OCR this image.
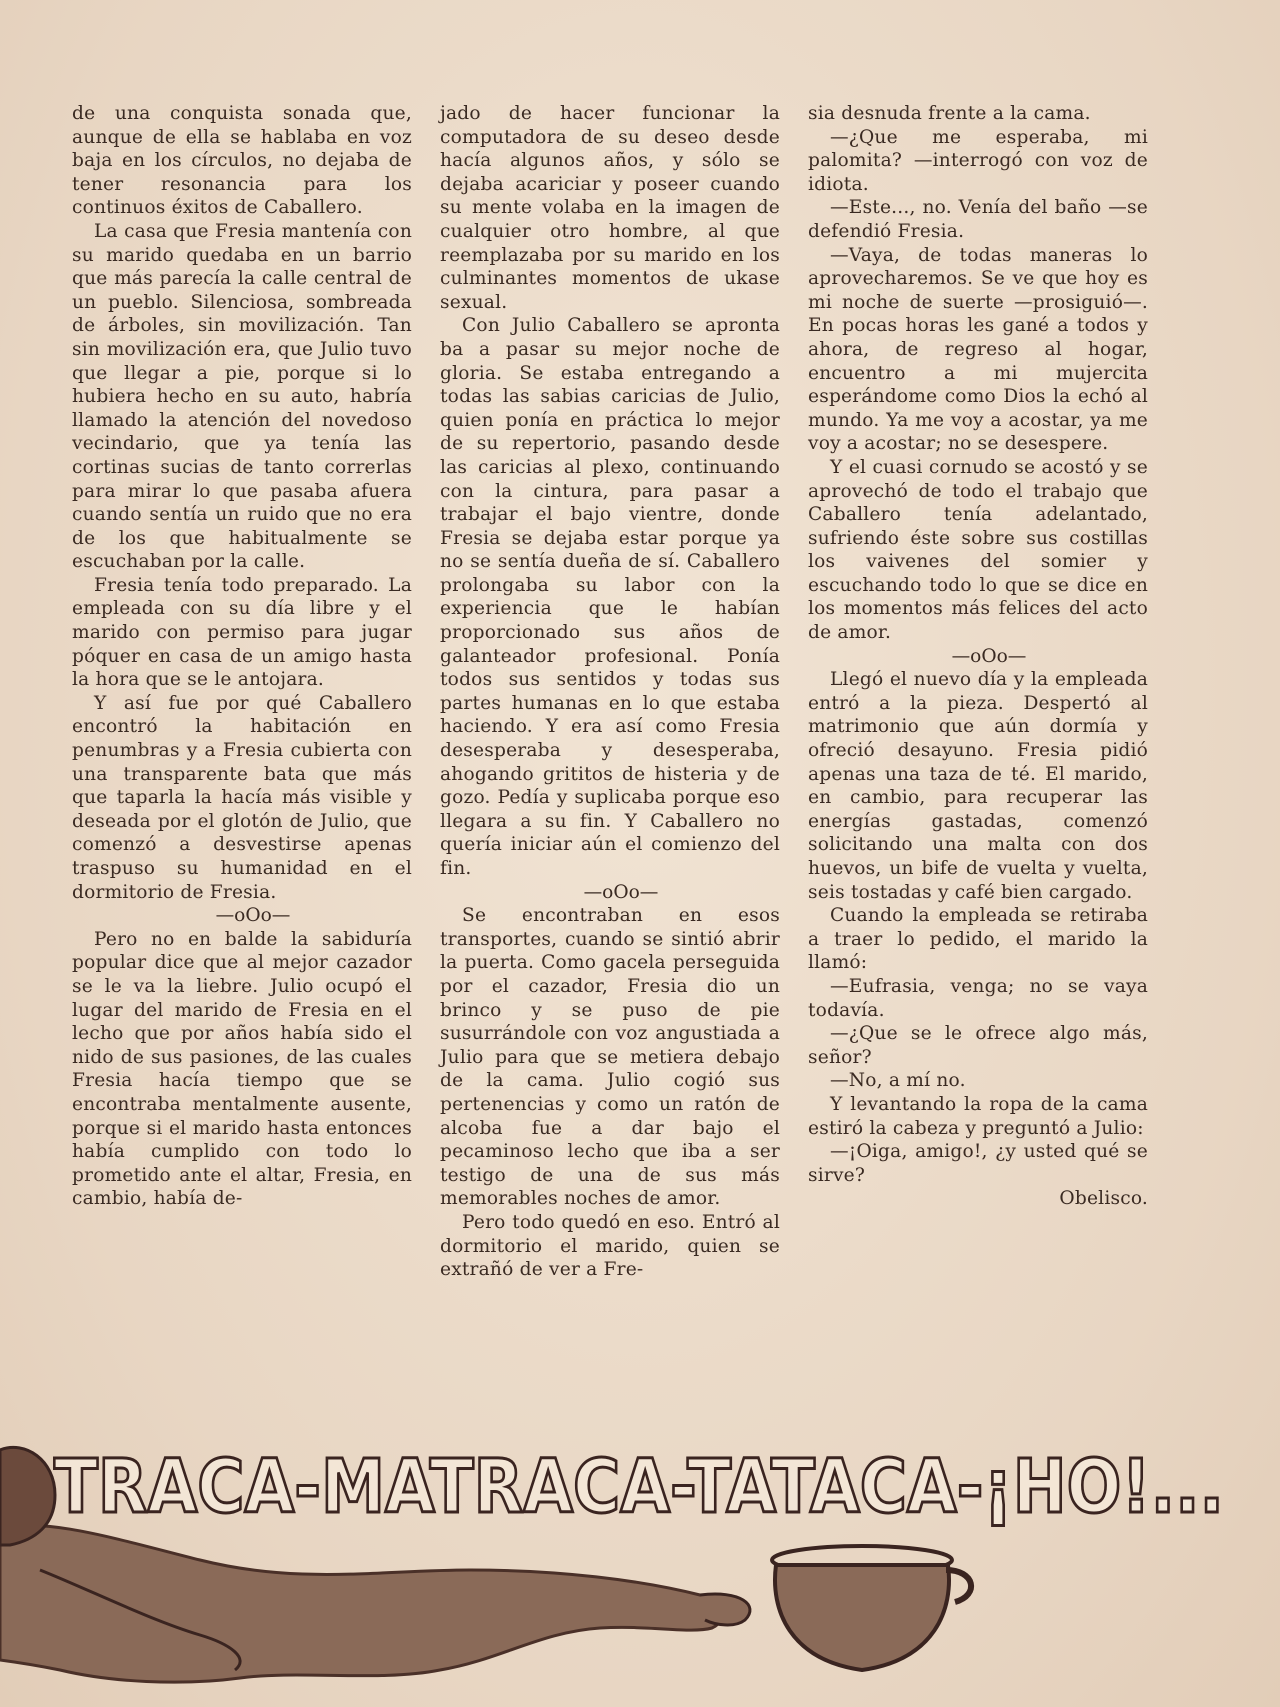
de una conquista sonada que, aunque de ella se hablaba en voz baja en los círculos, no dejaba de tener resonancia para los continuos éxitos de Caballero.

La casa que Fresia mantenía con su marido quedaba en un barrio que más parecía la calle central de un pueblo. Silenciosa, sombreada de árboles, sin movilización. Tan sin movilización era, que Julio tuvo que llegar a pie, porque si lo hubiera hecho en su auto, habría llamado la atención del novedoso vecindario, que ya tenía las cortinas sucias de tanto correrlas para mirar lo que pasaba afuera cuando sentía un ruido que no era de los que habitualmente se escuchaban por la calle.

Fresia tenía todo preparado. La empleada con su día libre y el marido con permiso para jugar póquer en casa de un amigo hasta la hora que se le antojara.

Y así fue por qué Caballero encontró la habitación en penumbras y a Fresia cubierta con una transparente bata que más que taparla la hacía más visible y deseada por el glotón de Julio, que comenzó a desvestirse apenas traspuso su humanidad en el dormitorio de Fresia.

—oOo—

Pero no en balde la sabiduría popular dice que al mejor cazador se le va la liebre. Julio ocupó el lugar del marido de Fresia en el lecho que por años había sido el nido de sus pasiones, de las cuales Fresia hacía tiempo que se encontraba mentalmente ausente, porque si el marido hasta entonces había cumplido con todo lo prometido ante el altar, Fresia, en cambio, había de-

jado de hacer funcionar la computadora de su deseo desde hacía algunos años, y sólo se dejaba acariciar y poseer cuando su mente volaba en la imagen de cualquier otro hombre, al que reemplazaba por su marido en los culminantes momentos de ukase sexual.

Con Julio Caballero se apronta ba a pasar su mejor noche de gloria. Se estaba entregando a todas las sabias caricias de Julio, quien ponía en práctica lo mejor de su repertorio, pasando desde las caricias al plexo, continuando con la cintura, para pasar a trabajar el bajo vientre, donde Fresia se dejaba estar porque ya no se sentía dueña de sí. Caballero prolongaba su labor con la experiencia que le habían proporcionado sus años de galanteador profesional. Ponía todos sus sentidos y todas sus partes humanas en lo que estaba haciendo. Y era así como Fresia desesperaba y desesperaba, ahogando grititos de histeria y de gozo. Pedía y suplicaba porque eso llegara a su fin. Y Caballero no quería iniciar aún el comienzo del fin.

—oOo—

Se encontraban en esos transportes, cuando se sintió abrir la puerta. Como gacela perseguida por el cazador, Fresia dio un brinco y se puso de pie susurrándole con voz angustiada a Julio para que se metiera debajo de la cama. Julio cogió sus pertenencias y como un ratón de alcoba fue a dar bajo el pecaminoso lecho que iba a ser testigo de una de sus más memorables noches de amor.

Pero todo quedó en eso. Entró al dormitorio el marido, quien se extrañó de ver a Fre-

sia desnuda frente a la cama.

—¿Que me esperaba, mi palomita? —interrogó con voz de idiota.

—Este..., no. Venía del baño —se defendió Fresia.

—Vaya, de todas maneras lo aprovecharemos. Se ve que hoy es mi noche de suerte —prosiguió—. En pocas horas les gané a todos y ahora, de regreso al hogar, encuentro a mi mujercita esperándome como Dios la echó al mundo. Ya me voy a acostar, ya me voy a acostar; no se desespere.

Y el cuasi cornudo se acostó y se aprovechó de todo el trabajo que Caballero tenía adelantado, sufriendo éste sobre sus costillas los vaivenes del somier y escuchando todo lo que se dice en los momentos más felices del acto de amor.

—oOo—

Llegó el nuevo día y la empleada entró a la pieza. Despertó al matrimonio que aún dormía y ofreció desayuno. Fresia pidió apenas una taza de té. El marido, en cambio, para recuperar las energías gastadas, comenzó solicitando una malta con dos huevos, un bife de vuelta y vuelta, seis tostadas y café bien cargado.

Cuando la empleada se retiraba a traer lo pedido, el marido la llamó:

—Eufrasia, venga; no se vaya todavía.

—¿Que se le ofrece algo más, señor?

—No, a mí no.

Y levantando la ropa de la cama estiró la cabeza y preguntó a Julio:

—¡Oiga, amigo!, ¿y usted qué se sirve?

Obelisco.

TRACA-MATRACA-TATACA-¡HO!...
